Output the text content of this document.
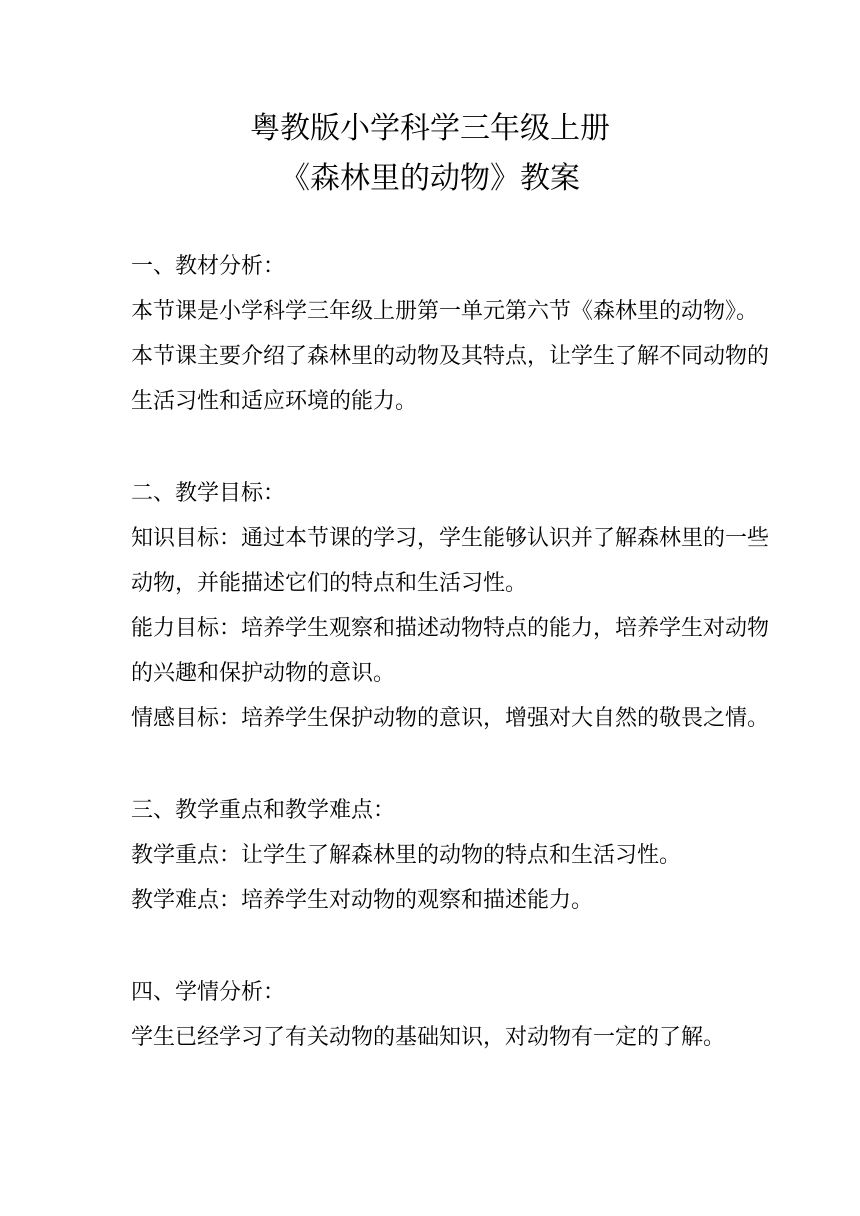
粤教版小学科学三年级上册
《森林里的动物》教案

一、教材分析：

本节课是小学科学三年级上册第一单元第六节《森林里的动物》。本节课主要介绍了森林里的动物及其特点，让学生了解不同动物的生活习性和适应环境的能力。

二、教学目标：

知识目标：通过本节课的学习，学生能够认识并了解森林里的一些动物，并能描述它们的特点和生活习性。

能力目标：培养学生观察和描述动物特点的能力，培养学生对动物的兴趣和保护动物的意识。

情感目标：培养学生保护动物的意识，增强对大自然的敬畏之情。

三、教学重点和教学难点：

教学重点：让学生了解森林里的动物的特点和生活习性。

教学难点：培养学生对动物的观察和描述能力。

四、学情分析：

学生已经学习了有关动物的基础知识，对动物有一定的了解。
